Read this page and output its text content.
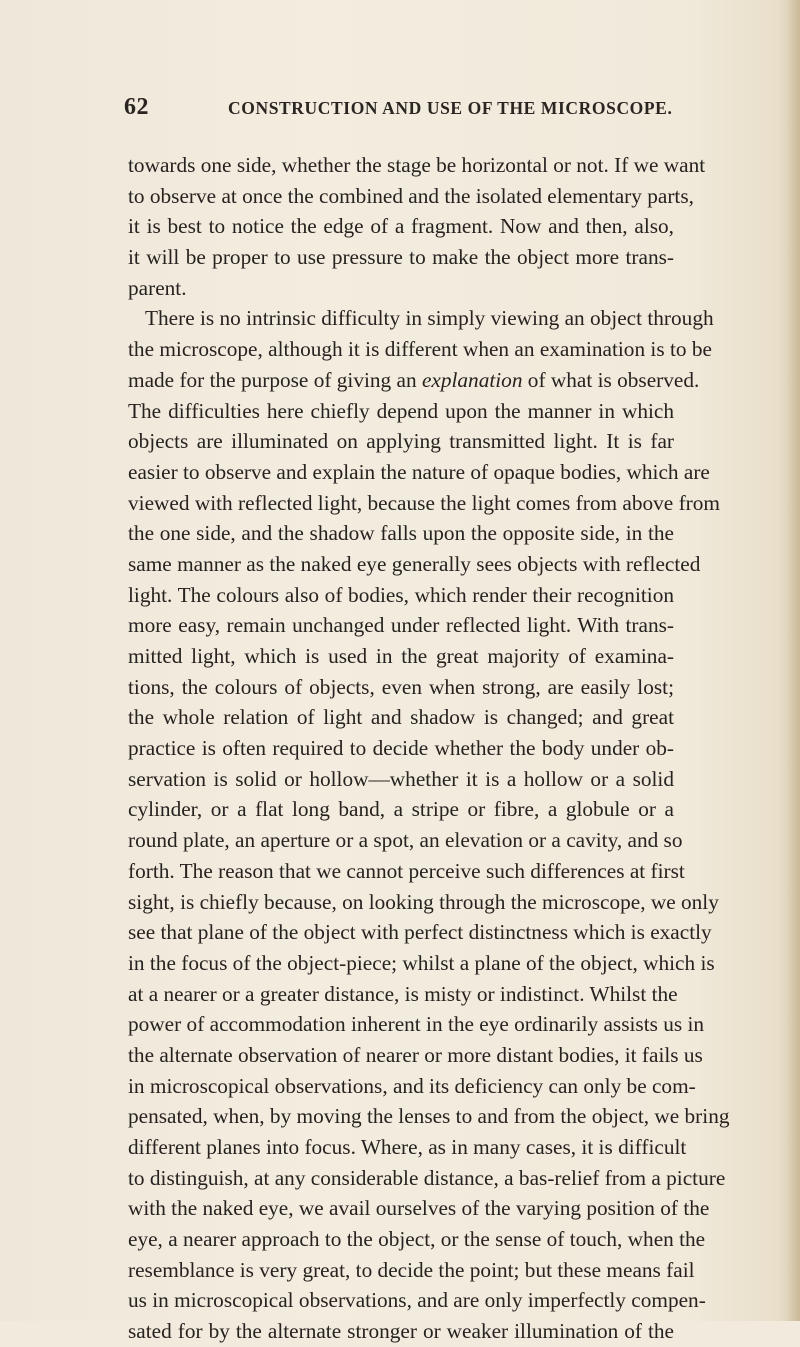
62	CONSTRUCTION AND USE OF THE MICROSCOPE.
towards one side, whether the stage be horizontal or not. If we want
to observe at once the combined and the isolated elementary parts,
it is best to notice the edge of a fragment. Now and then, also,
it will be proper to use pressure to make the object more trans-
parent.
There is no intrinsic difficulty in simply viewing an object through
the microscope, although it is different when an examination is to be
made for the purpose of giving an explanation of what is observed.
The difficulties here chiefly depend upon the manner in which
objects are illuminated on applying transmitted light. It is far
easier to observe and explain the nature of opaque bodies, which are
viewed with reflected light, because the light comes from above from
the one side, and the shadow falls upon the opposite side, in the
same manner as the naked eye generally sees objects with reflected
light. The colours also of bodies, which render their recognition
more easy, remain unchanged under reflected light. With trans-
mitted light, which is used in the great majority of examina-
tions, the colours of objects, even when strong, are easily lost;
the whole relation of light and shadow is changed; and great
practice is often required to decide whether the body under ob-
servation is solid or hollow—whether it is a hollow or a solid
cylinder, or a flat long band, a stripe or fibre, a globule or a
round plate, an aperture or a spot, an elevation or a cavity, and so
forth. The reason that we cannot perceive such differences at first
sight, is chiefly because, on looking through the microscope, we only
see that plane of the object with perfect distinctness which is exactly
in the focus of the object-piece; whilst a plane of the object, which is
at a nearer or a greater distance, is misty or indistinct. Whilst the
power of accommodation inherent in the eye ordinarily assists us in
the alternate observation of nearer or more distant bodies, it fails us
in microscopical observations, and its deficiency can only be com-
pensated, when, by moving the lenses to and from the object, we bring
different planes into focus. Where, as in many cases, it is difficult
to distinguish, at any considerable distance, a bas-relief from a picture
with the naked eye, we avail ourselves of the varying position of the
eye, a nearer approach to the object, or the sense of touch, when the
resemblance is very great, to decide the point; but these means fail
us in microscopical observations, and are only imperfectly compen-
sated for by the alternate stronger or weaker illumination of the
